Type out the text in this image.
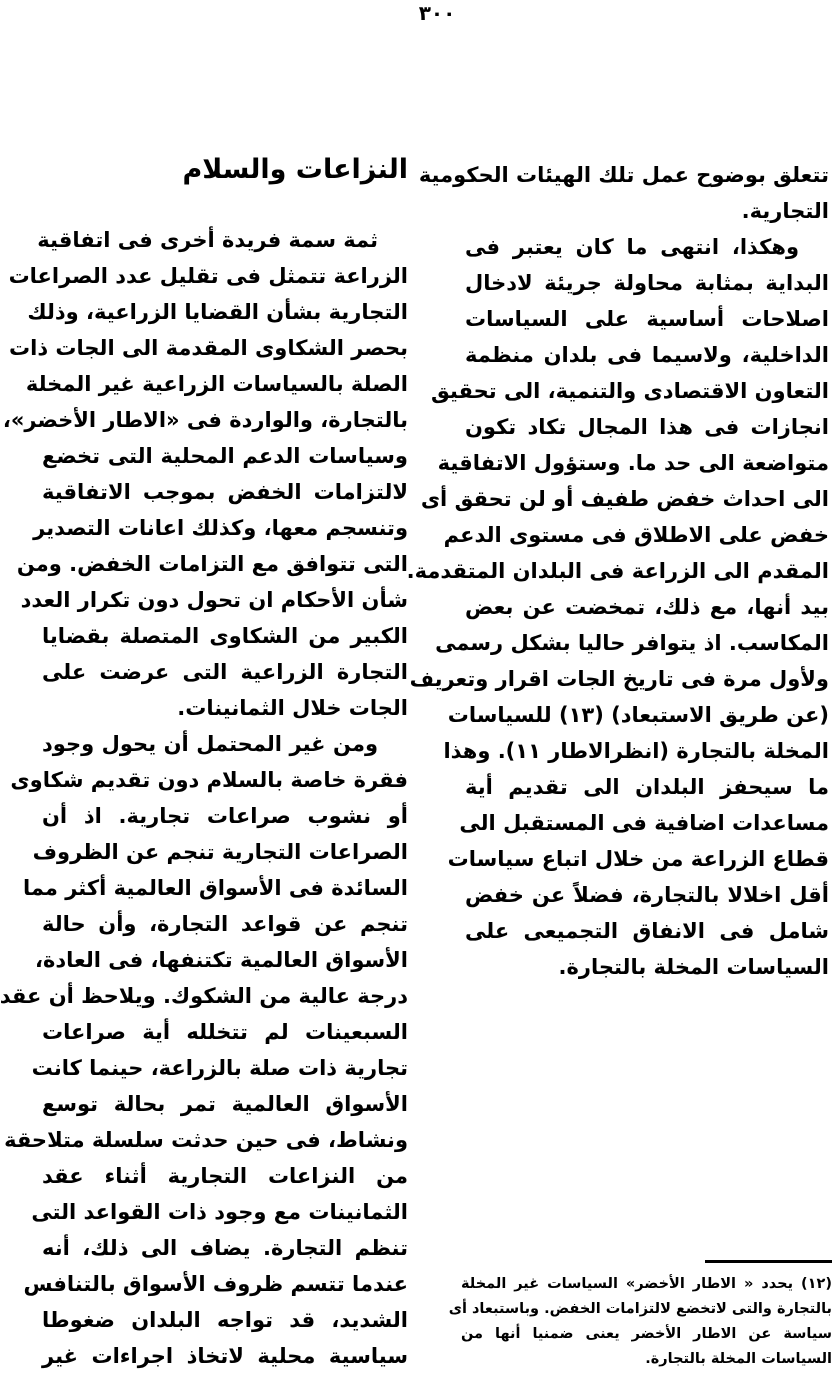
٣٠٠
تتعلق بوضوح عمل تلك الهيئات الحكومية
التجارية.
وهكذا، انتهى ما كان يعتبر فى
البداية بمثابة محاولة جريئة لادخال
اصلاحات أساسية على السياسات
الداخلية، ولاسيما فى بلدان منظمة
التعاون الاقتصادى والتنمية، الى تحقيق
انجازات فى هذا المجال تكاد تكون
متواضعة الى حد ما. وستؤول الاتفاقية
الى احداث خفض طفيف أو لن تحقق أى
خفض على الاطلاق فى مستوى الدعم
المقدم الى الزراعة فى البلدان المتقدمة.
بيد أنها، مع ذلك، تمخضت عن بعض
المكاسب. اذ يتوافر حاليا بشكل رسمى
ولأول مرة فى تاريخ الجات اقرار وتعريف
(عن طريق الاستبعاد) (١٣) للسياسات
المخلة بالتجارة (انظرالاطار ١١). وهذا
ما سيحفز البلدان الى تقديم أية
مساعدات اضافية فى المستقبل الى
قطاع الزراعة من خلال اتباع سياسات
أقل اخلالا بالتجارة، فضلاً عن خفض
شامل فى الانفاق التجميعى على
السياسات المخلة بالتجارة.
النزاعات والسلام
ثمة سمة فريدة أخرى فى اتفاقية
الزراعة تتمثل فى تقليل عدد الصراعات
التجارية بشأن القضايا الزراعية، وذلك
بحصر الشكاوى المقدمة الى الجات ذات
الصلة بالسياسات الزراعية غير المخلة
بالتجارة، والواردة فى «الاطار الأخضر»،
وسياسات الدعم المحلية التى تخضع
لالتزامات الخفض بموجب الاتفاقية
وتنسجم معها، وكذلك اعانات التصدير
التى تتوافق مع التزامات الخفض. ومن
شأن الأحكام ان تحول دون تكرار العدد
الكبير من الشكاوى المتصلة بقضايا
التجارة الزراعية التى عرضت على
الجات خلال الثمانينات.
ومن غير المحتمل أن يحول وجود
فقرة خاصة بالسلام دون تقديم شكاوى
أو نشوب صراعات تجارية. اذ أن
الصراعات التجارية تنجم عن الظروف
السائدة فى الأسواق العالمية أكثر مما
تنجم عن قواعد التجارة، وأن حالة
الأسواق العالمية تكتنفها، فى العادة،
درجة عالية من الشكوك. ويلاحظ أن عقد
السبعينات لم تتخلله أية صراعات
تجارية ذات صلة بالزراعة، حينما كانت
الأسواق العالمية تمر بحالة توسع
ونشاط، فى حين حدثت سلسلة متلاحقة
من النزاعات التجارية أثناء عقد
الثمانينات مع وجود ذات القواعد التى
تنظم التجارة. يضاف الى ذلك، أنه
عندما تتسم ظروف الأسواق بالتنافس
الشديد، قد تواجه البلدان ضغوطا
سياسية محلية لاتخاذ اجراءات غير
(١٢) يحدد « الاطار الأخضر» السياسات غير المخلة
بالتجارة والتى لاتخضع لالتزامات الخفض. وباستبعاد أى
سياسة عن الاطار الأخضر يعنى ضمنيا أنها من
السياسات المخلة بالتجارة.
